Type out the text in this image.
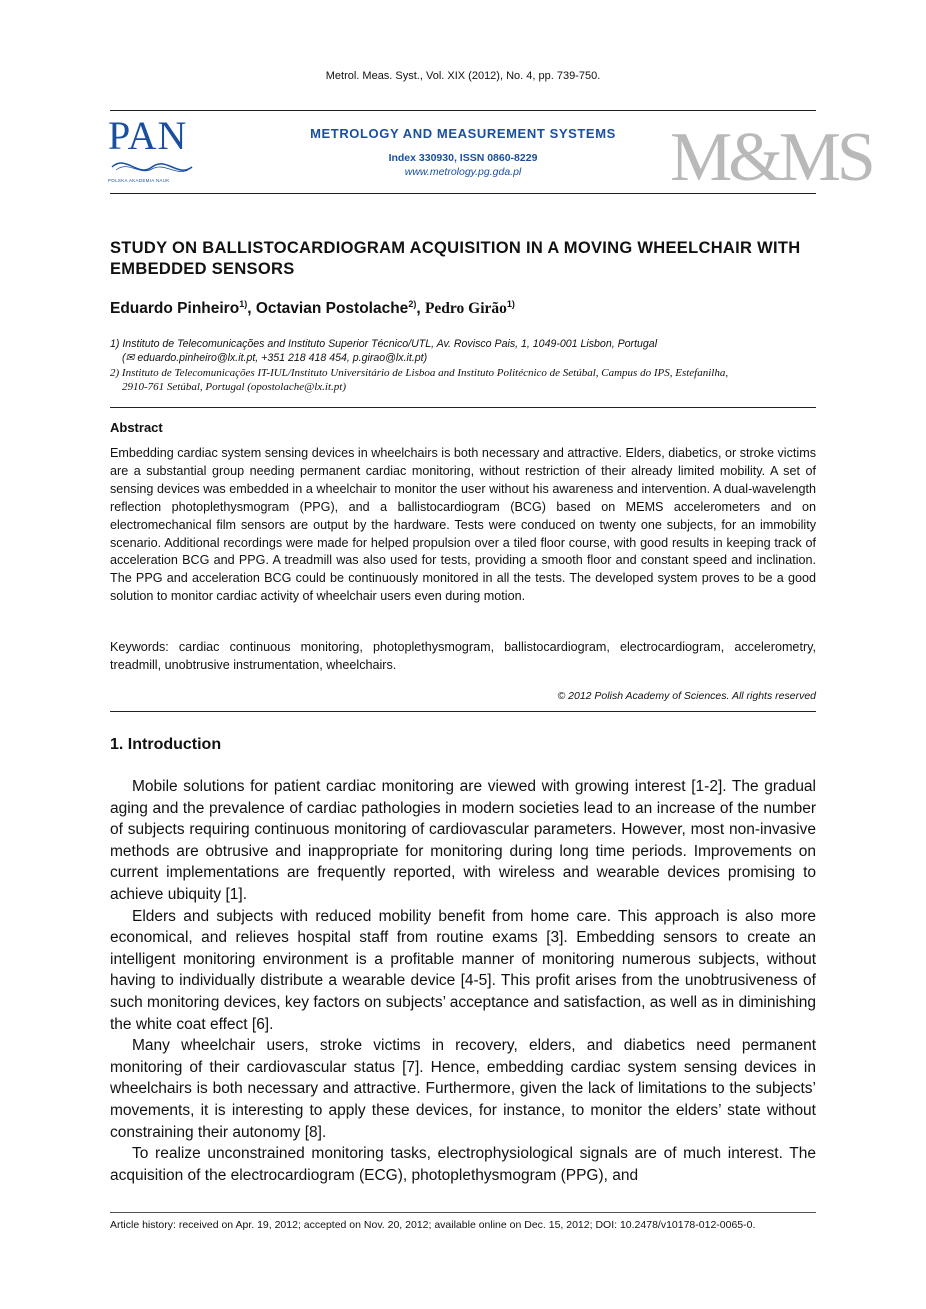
Metrol. Meas. Syst., Vol. XIX (2012), No. 4, pp. 739-750.
PAN
POLSKA AKADEMIA NAUK
METROLOGY AND MEASUREMENT SYSTEMS
Index 330930, ISSN 0860-8229
www.metrology.pg.gda.pl	M&MS
STUDY ON BALLISTOCARDIOGRAM ACQUISITION IN A MOVING WHEELCHAIR WITH EMBEDDED SENSORS
Eduardo Pinheiro$^{1)}$, Octavian Postolache$^{2)}$, Pedro Girão$^{1)}$
1) Instituto de Telecomunicações and Instituto Superior Técnico/UTL, Av. Rovisco Pais, 1, 1049-001 Lisbon, Portugal
(✉ eduardo.pinheiro@lx.it.pt, +351 218 418 454, p.girao@lx.it.pt)
2) Instituto de Telecomunicações IT-IUL/Instituto Universitário de Lisboa and Instituto Politécnico de Setúbal, Campus do IPS, Estefanilha,
2910-761 Setúbal, Portugal (opostolache@lx.it.pt)
Abstract
Embedding cardiac system sensing devices in wheelchairs is both necessary and attractive. Elders, diabetics, or stroke victims are a substantial group needing permanent cardiac monitoring, without restriction of their already limited mobility. A set of sensing devices was embedded in a wheelchair to monitor the user without his awareness and intervention. A dual-wavelength reflection photoplethysmogram (PPG), and a ballistocardiogram (BCG) based on MEMS accelerometers and on electromechanical film sensors are output by the hardware. Tests were conduced on twenty one subjects, for an immobility scenario. Additional recordings were made for helped propulsion over a tiled floor course, with good results in keeping track of acceleration BCG and PPG. A treadmill was also used for tests, providing a smooth floor and constant speed and inclination. The PPG and acceleration BCG could be continuously monitored in all the tests. The developed system proves to be a good solution to monitor cardiac activity of wheelchair users even during motion.
Keywords: cardiac continuous monitoring, photoplethysmogram, ballistocardiogram, electrocardiogram, accelerometry, treadmill, unobtrusive instrumentation, wheelchairs.
© 2012 Polish Academy of Sciences. All rights reserved
1. Introduction

Mobile solutions for patient cardiac monitoring are viewed with growing interest [1-2]. The gradual aging and the prevalence of cardiac pathologies in modern societies lead to an increase of the number of subjects requiring continuous monitoring of cardiovascular parameters. However, most non-invasive methods are obtrusive and inappropriate for monitoring during long time periods. Improvements on current implementations are frequently reported, with wireless and wearable devices promising to achieve ubiquity [1].

Elders and subjects with reduced mobility benefit from home care. This approach is also more economical, and relieves hospital staff from routine exams [3]. Embedding sensors to create an intelligent monitoring environment is a profitable manner of monitoring numerous subjects, without having to individually distribute a wearable device [4-5]. This profit arises from the unobtrusiveness of such monitoring devices, key factors on subjects’ acceptance and satisfaction, as well as in diminishing the white coat effect [6].

Many wheelchair users, stroke victims in recovery, elders, and diabetics need permanent monitoring of their cardiovascular status [7]. Hence, embedding cardiac system sensing devices in wheelchairs is both necessary and attractive. Furthermore, given the lack of limitations to the subjects’ movements, it is interesting to apply these devices, for instance, to monitor the elders’ state without constraining their autonomy [8].

To realize unconstrained monitoring tasks, electrophysiological signals are of much interest. The acquisition of the electrocardiogram (ECG), photoplethysmogram (PPG), and

Article history: received on Apr. 19, 2012; accepted on Nov. 20, 2012; available online on Dec. 15, 2012; DOI: 10.2478/v10178-012-0065-0.
